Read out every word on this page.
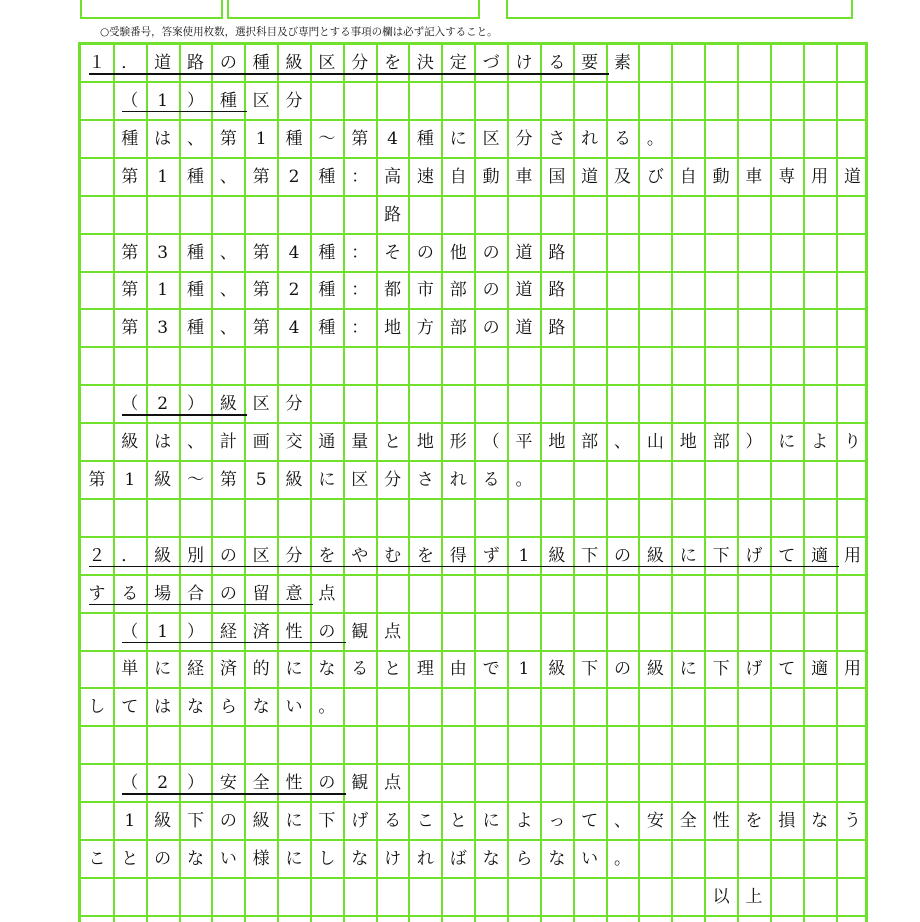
○受験番号，答案使用枚数，選択科目及び専門とする事項の欄は必ず記入すること。
１ ． 道 路 の 種 級 区 分 を 決 定 づ け る 要 素
（	1	） 種 区 分
種 は 、 第	1	種 ～ 第	4	種 に 区 分 さ れ る 。
第	1	種 、 第	2	種 ： 高 速 自 動 車 国 道 及 び 自 動 車 専 用 道
路
第	3	種 、 第	4	種 ： そ の 他 の 道 路
第	1	種 、 第	2	種 ： 都 市 部 の 道 路
第	3	種 、 第	4	種 ： 地 方 部 の 道 路
（	2	） 級 区 分
級 は 、 計 画 交 通 量 と 地 形 （ 平 地 部 、 山 地 部 ） に よ り
第	1	級 ～ 第	5	級 に 区 分 さ れ る 。
２ ． 級 別 の 区 分 を や む を 得 ず	1	級 下 の 級 に 下 げ て 適 用
す る 場 合 の 留 意 点
（	1	） 経 済 性 の 観 点
単 に 経 済 的 に な る と 理 由 で	1	級 下 の 級 に 下 げ て 適 用
し て は な ら な い 。
（	2	） 安 全 性 の 観 点
1	級 下 の 級 に 下 げ る こ と に よ っ て 、 安 全 性 を 損 な う
こ と の な い 様 に し な け れ ば な ら な い 。
以 上
